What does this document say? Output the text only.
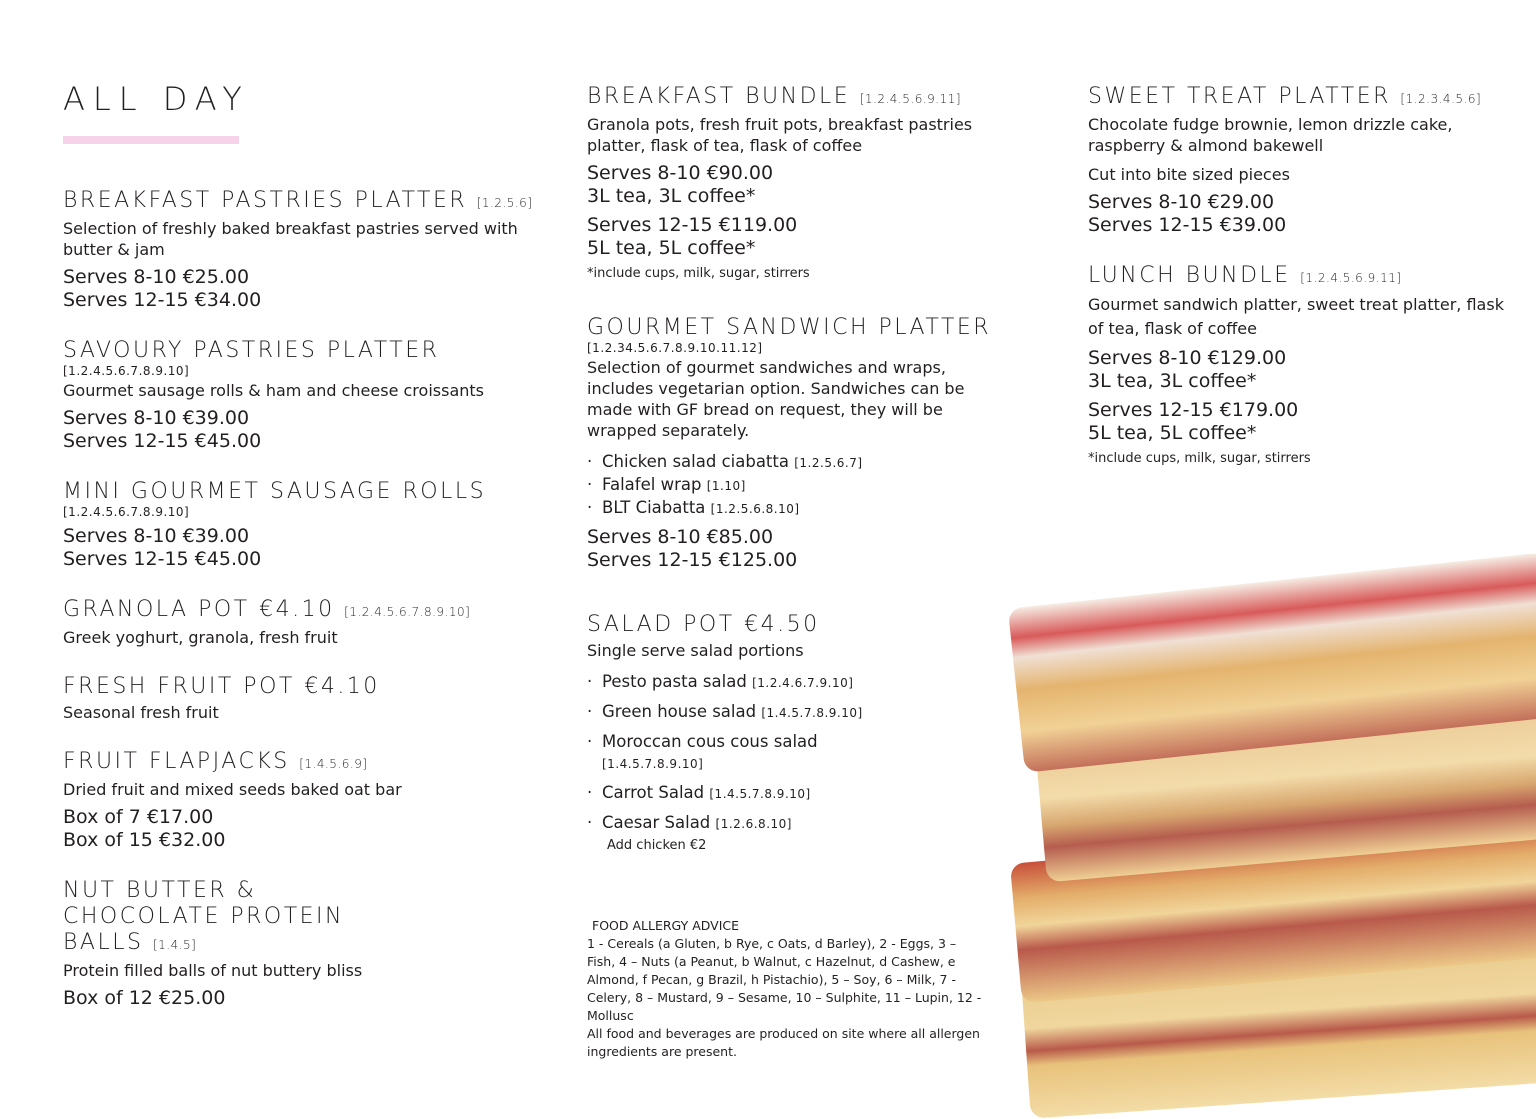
ALL DAY
BREAKFAST PASTRIES PLATTER [1.2.5.6]
Selection of freshly baked breakfast pastries served with butter & jam
Serves 8-10 €25.00
Serves 12-15 €34.00
SAVOURY PASTRIES PLATTER
[1.2.4.5.6.7.8.9.10]
Gourmet sausage rolls & ham and cheese croissants
Serves 8-10 €39.00
Serves 12-15 €45.00
MINI GOURMET SAUSAGE ROLLS
[1.2.4.5.6.7.8.9.10]
Serves 8-10 €39.00
Serves 12-15 €45.00
GRANOLA POT €4.10 [1.2.4.5.6.7.8.9.10]
Greek yoghurt, granola, fresh fruit
FRESH FRUIT POT €4.10
Seasonal fresh fruit
FRUIT FLAPJACKS [1.4.5.6.9]
Dried fruit and mixed seeds baked oat bar
Box of 7 €17.00
Box of 15 €32.00
NUT BUTTER & CHOCOLATE PROTEIN BALLS [1.4.5]
Protein filled balls of nut buttery bliss
Box of 12 €25.00
BREAKFAST BUNDLE [1.2.4.5.6.9.11]
Granola pots, fresh fruit pots, breakfast pastries platter, flask of tea, flask of coffee
Serves 8-10 €90.00
3L tea, 3L coffee*
Serves 12-15 €119.00
5L tea, 5L coffee*
*include cups, milk, sugar, stirrers
GOURMET SANDWICH PLATTER
[1.2.34.5.6.7.8.9.10.11.12]
Selection of gourmet sandwiches and wraps, includes vegetarian option. Sandwiches can be made with GF bread on request, they will be wrapped separately.
· Chicken salad ciabatta [1.2.5.6.7]
· Falafel wrap [1.10]
· BLT Ciabatta [1.2.5.6.8.10]
Serves 8-10 €85.00
Serves 12-15 €125.00
SALAD POT €4.50
Single serve salad portions
· Pesto pasta salad [1.2.4.6.7.9.10]
· Green house salad [1.4.5.7.8.9.10]
· Moroccan cous cous salad
[1.4.5.7.8.9.10]
· Carrot Salad [1.4.5.7.8.9.10]
· Caesar Salad [1.2.6.8.10]
Add chicken €2
FOOD ALLERGY ADVICE
1 - Cereals (a Gluten, b Rye, c Oats, d Barley), 2 - Eggs, 3 – Fish, 4 – Nuts (a Peanut, b Walnut, c Hazelnut, d Cashew, e Almond, f Pecan, g Brazil, h Pistachio), 5 – Soy, 6 – Milk, 7 - Celery, 8 – Mustard, 9 – Sesame, 10 – Sulphite, 11 – Lupin, 12 - Mollusc
All food and beverages are produced on site where all allergen ingredients are present.
SWEET TREAT PLATTER [1.2.3.4.5.6]
Chocolate fudge brownie, lemon drizzle cake, raspberry & almond bakewell
Cut into bite sized pieces
Serves 8-10 €29.00
Serves 12-15 €39.00
LUNCH BUNDLE [1.2.4.5.6.9.11]
Gourmet sandwich platter, sweet treat platter, flask of tea, flask of coffee
Serves 8-10 €129.00
3L tea, 3L coffee*
Serves 12-15 €179.00
5L tea, 5L coffee*
*include cups, milk, sugar, stirrers
